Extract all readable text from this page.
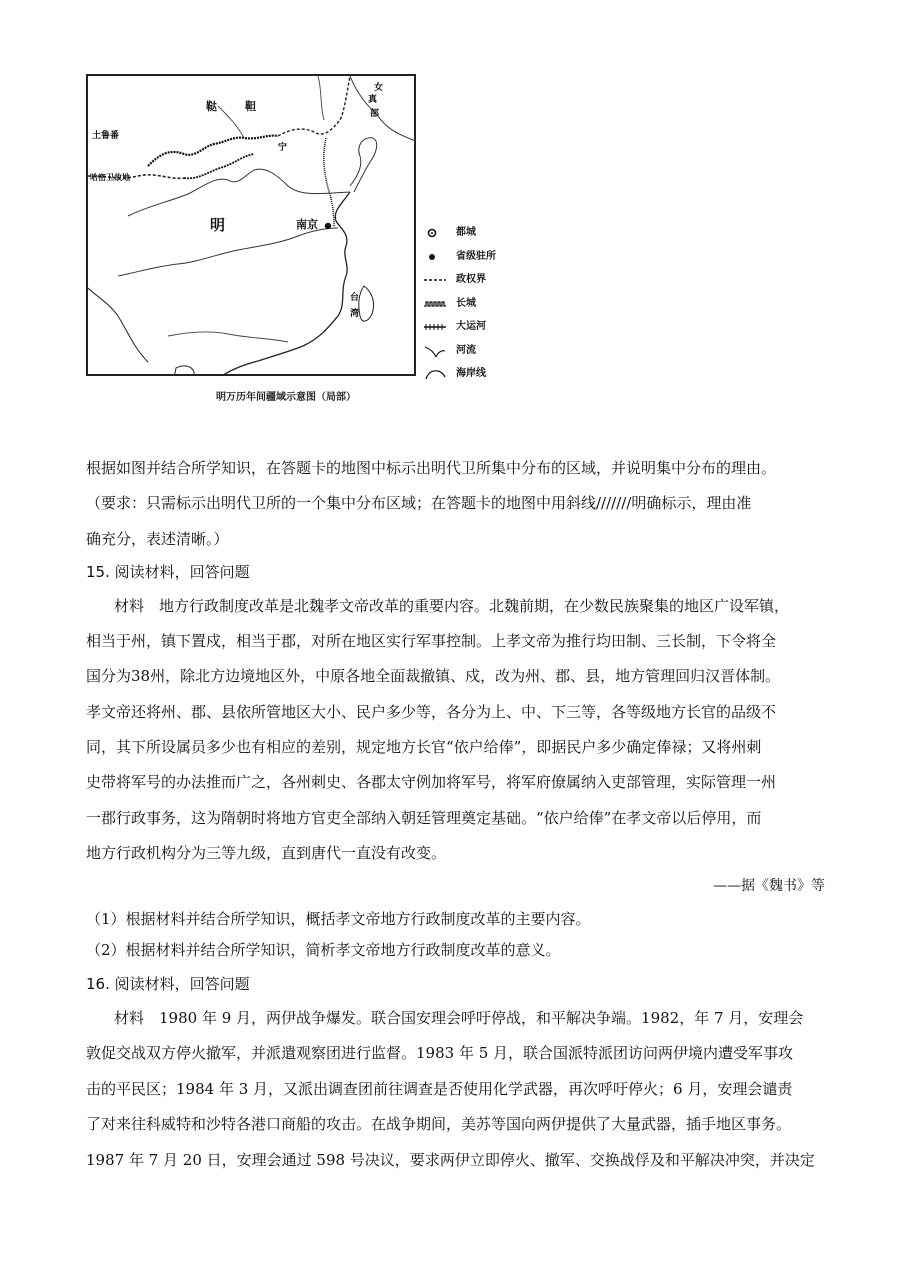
女
真
部
鞑　　靼
土鲁番
哈密卫故地
宁
明	南京
台
湾
都城
省级驻所
政权界
长城
大运河
河流
海岸线
明万历年间疆域示意图（局部）
根据如图并结合所学知识，在答题卡的地图中标示出明代卫所集中分布的区域，并说明集中分布的理由。
（要求：只需标示出明代卫所的一个集中分布区域；在答题卡的地图中用斜线///////明确标示，理由准
确充分，表述清晰。）
15. 阅读材料，回答问题
材料　地方行政制度改革是北魏孝文帝改革的重要内容。北魏前期，在少数民族聚集的地区广设军镇，
相当于州，镇下置戍，相当于郡，对所在地区实行军事控制。上孝文帝为推行均田制、三长制，下令将全
国分为38州，除北方边境地区外，中原各地全面裁撤镇、戍，改为州、郡、县，地方管理回归汉晋体制。
孝文帝还将州、郡、县依所管地区大小、民户多少等，各分为上、中、下三等，各等级地方长官的品级不
同，其下所设属员多少也有相应的差别，规定地方长官“依户给俸”，即据民户多少确定俸禄；又将州刺
史带将军号的办法推而广之，各州刺史、各郡太守例加将军号，将军府僚属纳入吏部管理，实际管理一州
一郡行政事务，这为隋朝时将地方官吏全部纳入朝廷管理奠定基础。“依户给俸”在孝文帝以后停用，而
地方行政机构分为三等九级，直到唐代一直没有改变。
——据《魏书》等
（1）根据材料并结合所学知识，概括孝文帝地方行政制度改革的主要内容。
（2）根据材料并结合所学知识，简析孝文帝地方行政制度改革的意义。
16. 阅读材料，回答问题
材料　1980 年 9 月，两伊战争爆发。联合国安理会呼吁停战，和平解决争端。1982，年 7 月，安理会
敦促交战双方停火撤军，并派遣观察团进行监督。1983 年 5 月，联合国派特派团访问两伊境内遭受军事攻
击的平民区；1984 年 3 月，又派出调查团前往调查是否使用化学武器，再次呼吁停火；6 月，安理会谴责
了对来往科威特和沙特各港口商船的攻击。在战争期间，美苏等国向两伊提供了大量武器，插手地区事务。
1987 年 7 月 20 日，安理会通过 598 号决议，要求两伊立即停火、撤军、交换战俘及和平解决冲突，并决定
